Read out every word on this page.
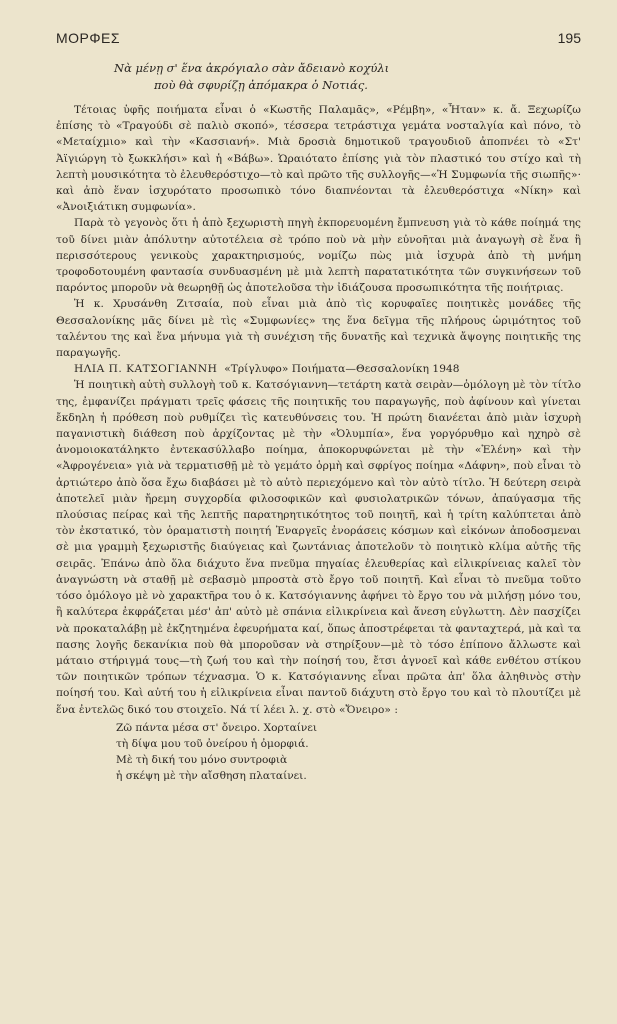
ΜΟΡΦΕΣ	195
Νὰ μένῃ σ' ἕνα ἀκρόγιαλο σὰν ἄδειανὸ κοχύλι
ποὺ θὰ σφυρίζῃ ἀπόμακρα ὁ Νοτιάς.

Τέτοιας ὑφῆς ποιήματα εἶναι ὁ «Κωστῆς Παλαμᾶς», «Ρέμβη», «Ἦταν» κ. ἄ. Ξεχωρίζω ἐπίσης τὸ «Τραγούδι σὲ παλιὸ σκοπό», τέσσερα τετράστιχα γεμάτα νοσταλγία καὶ πόνο, τὸ «Μεταίχμιο» καὶ τὴν «Κασσιανή». Μιὰ δροσιὰ δημοτικοῦ τραγουδιοῦ ἀποπνέει τὸ «Στ' Ἀϊγιώργη τὸ ξωκκλήσι» καὶ ἡ «Βάβω». Ὡραιότατο ἐπίσης γιὰ τὸν πλαστικό του στίχο καὶ τὴ λεπτὴ μουσικότητα τὸ ἐλευθερόστιχο—τὸ καὶ πρῶτο τῆς συλλογῆς—«Ἡ Συμφωνία τῆς σιωπῆς»· καὶ ἀπὸ ἕναν ἰσχυρότατο προσωπικὸ τόνο διαπνέονται τὰ ἐλευθερόστιχα «Νίκη» καὶ «Ἀνοιξιάτικη συμφωνία».

Παρὰ τὸ γεγονὸς ὅτι ἡ ἀπὸ ξεχωριστὴ πηγὴ ἐκπορευομένη ἔμπνευση γιὰ τὸ κάθε ποίημά της τοῦ δίνει μιὰν ἀπόλυτην αὐτοτέλεια σὲ τρόπο ποὺ νὰ μὴν εὐνοῆται μιὰ ἀναγωγὴ σὲ ἕνα ἢ περισσότερους γενικοὺς χαρακτηρισμούς, νομίζω πὼς μιὰ ἰσχυρὰ ἀπὸ τὴ μνήμη τροφοδοτουμένη φαντασία συνδυασμένη μὲ μιὰ λεπτὴ παρατατικότητα τῶν συγκινήσεων τοῦ παρόντος μποροῦν νὰ θεωρηθῇ ὡς ἀποτελοῦσα τὴν ἰδιάζουσα προσωπικότητα τῆς ποιήτριας.

Ἡ κ. Χρυσάνθη Ζιτσαία, ποὺ εἶναι μιὰ ἀπὸ τὶς κορυφαῖες ποιητικὲς μονάδες τῆς Θεσσαλονίκης μᾶς δίνει μὲ τὶς «Συμφωνίες» της ἕνα δεῖγμα τῆς πλήρους ὡριμότητος τοῦ ταλέντου της καὶ ἕνα μήνυμα γιὰ τὴ συνέχιση τῆς δυνατῆς καὶ τεχνικὰ ἄψογης ποιητικῆς της παραγωγῆς.

ΗΛΙΑ Π. ΚΑΤΣΟΓΙΑΝΝΗ «Τρίγλυφο» Ποιήματα—Θεσσαλονίκη 1948

Ἡ ποιητικὴ αὐτὴ συλλογὴ τοῦ κ. Κατσόγιαννη—τετάρτη κατὰ σειρὰν—ὁμόλογη μὲ τὸν τίτλο της, ἐμφανίζει πράγματι τρεῖς φάσεις τῆς ποιητικῆς του παραγωγῆς, ποὺ ἀφίνουν καὶ γίνεται ἔκδηλη ἡ πρόθεση ποὺ ρυθμίζει τὶς κατευθύνσεις του. Ἡ πρώτη διανέεται ἀπὸ μιὰν ἰσχυρὴ παγανιστικὴ διάθεση ποὺ ἀρχίζοντας μὲ τὴν «Ὀλυμπία», ἕνα γοργόρυθμο καὶ ηχηρὸ σὲ ἀνομοιοκατάληκτο ἐντεκασύλλαβο ποίημα, ἀποκορυφώνεται μὲ τὴν «Ἑλένη» καὶ τὴν «Ἀφρογένεια» γιὰ νὰ τερματισθῇ μὲ τὸ γεμάτο ὁρμὴ καὶ σφρίγος ποίημα «Δάφνη», ποὺ εἶναι τὸ ἀρτιώτερο ἀπὸ ὅσα ἔχω διαβάσει μὲ τὸ αὐτὸ περιεχόμενο καὶ τὸν αὐτὸ τίτλο. Ἡ δεύτερη σειρὰ ἀποτελεῖ μιὰν ἤρεμη συγχορδία φιλοσοφικῶν καὶ φυσιολατρικῶν τόνων, ἀπαύγασμα τῆς πλούσιας πείρας καὶ τῆς λεπτῆς παρατηρητικότητος τοῦ ποιητῆ, καὶ ἡ τρίτη καλύπτεται ἀπὸ τὸν ἐκστατικό, τὸν ὁραματιστὴ ποιητή Ἐναργεῖς ἐνοράσεις κόσμων καὶ εἰκόνων ἀποδοσμεναι σὲ μια γραμμὴ ξεχωριστῆς διαύγειας καὶ ζωντάνιας ἀποτελοῦν τὸ ποιητικὸ κλίμα αὐτῆς τῆς σειρᾶς. Ἐπάνω ἀπὸ ὅλα διάχυτο ἕνα πνεῦμα πηγαίας ἐλευθερίας καὶ εἰλικρίνειας καλεῖ τὸν ἀναγνώστη νὰ σταθῇ μὲ σεβασμὸ μπροστὰ στὸ ἔργο τοῦ ποιητῆ. Καὶ εἶναι τὸ πνεῦμα τοῦτο τόσο ὁμόλογο μὲ νὸ χαρακτῆρα του ὁ κ. Κατσόγιαννης ἀφήνει τὸ ἔργο του νὰ μιλήσῃ μόνο του, ἢ καλύτερα ἐκφράζεται μέσ' ἀπ' αὐτὸ μὲ σπάνια εἰλικρίνεια καὶ ἄνεση εὐγλωττη. Δὲν πασχίζει νὰ προκαταλάβῃ μὲ ἐκζητημένα ἐφευρήματα καί, ὅπως ἀποστρέφεται τὰ φανταχτερά, μὰ καὶ τα πασης λογῆς δεκανίκια ποὺ θὰ μποροῦσαν νὰ στηρίξουν—μὲ τὸ τόσο ἐπίπονο ἄλλωστε καὶ μάταιο στήριγμά τους—τὴ ζωή του καὶ τὴν ποίησή του, ἔτσι ἀγνοεῖ καὶ κάθε ενθέτου στίκου τῶν ποιητικῶν τρόπων τέχνασμα. Ὁ κ. Κατσόγιαννης εἶναι πρῶτα ἀπ' ὅλα ἀληθινὸς στὴν ποίησή του. Καὶ αὐτή του ἡ εἰλικρίνεια εἶναι παντοῦ διάχυτη στὸ ἔργο του καὶ τὸ πλουτίζει μὲ ἕνα ἐντελῶς δικό του στοιχεῖο. Νά τί λέει λ. χ. στὸ «Ὄνειρο» :

Ζῶ πάντα μέσα στ' ὄνειρο. Χορταίνει
τὴ δίψα μου τοῦ ὀνείρου ἡ ὀμορφιά.
Μὲ τὴ δική του μόνο συντροφιὰ
ἡ σκέψη μὲ τὴν αἴσθηση πλαταίνει.
